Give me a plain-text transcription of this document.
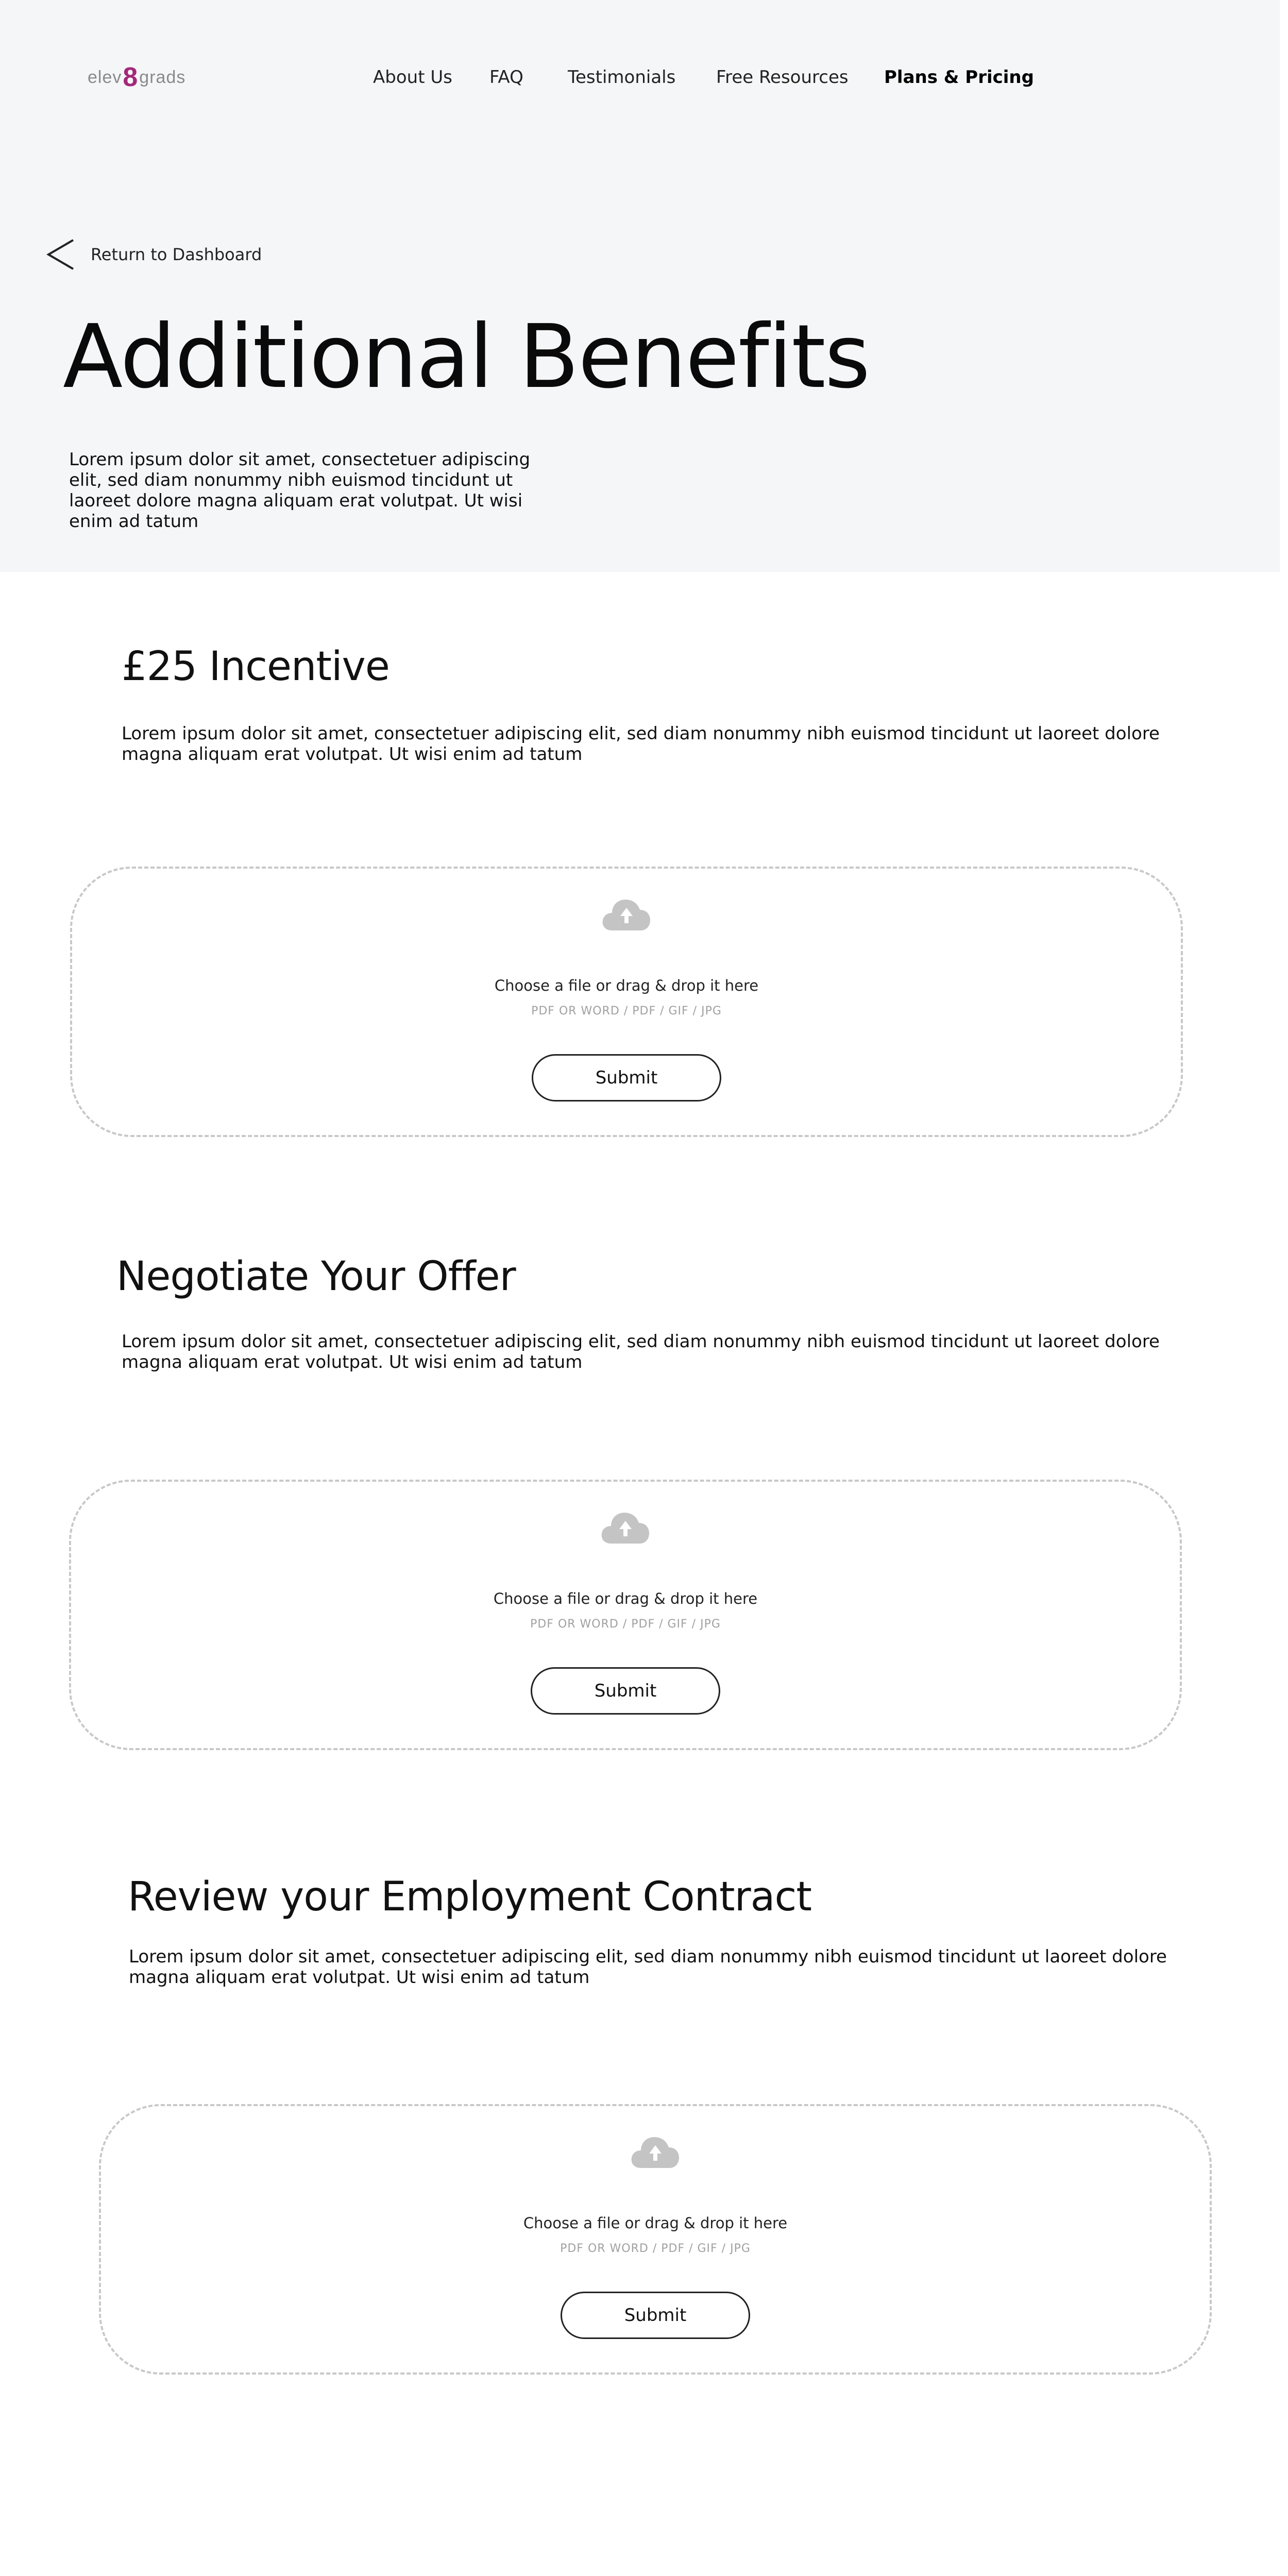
elev 8 grads	About Us FAQ	Testimonials Free Resources Plans & Pricing
Return to Dashboard
Additional Benefits

Lorem ipsum dolor sit amet, consectetuer adipiscing elit, sed diam nonummy nibh euismod tincidunt ut laoreet dolore magna aliquam erat volutpat. Ut wisi enim ad tatum

£25 Incentive

Lorem ipsum dolor sit amet, consectetuer adipiscing elit, sed diam nonummy nibh euismod tincidunt ut laoreet dolore magna aliquam erat volutpat. Ut wisi enim ad tatum

Choose a file or drag & drop it here
PDF OR WORD / PDF / GIF / JPG
Submit
Negotiate Your Offer

Lorem ipsum dolor sit amet, consectetuer adipiscing elit, sed diam nonummy nibh euismod tincidunt ut laoreet dolore magna aliquam erat volutpat. Ut wisi enim ad tatum

Choose a file or drag & drop it here
PDF OR WORD / PDF / GIF / JPG
Submit
Review your Employment Contract

Lorem ipsum dolor sit amet, consectetuer adipiscing elit, sed diam nonummy nibh euismod tincidunt ut laoreet dolore magna aliquam erat volutpat. Ut wisi enim ad tatum

Choose a file or drag & drop it here
PDF OR WORD / PDF / GIF / JPG
Submit
